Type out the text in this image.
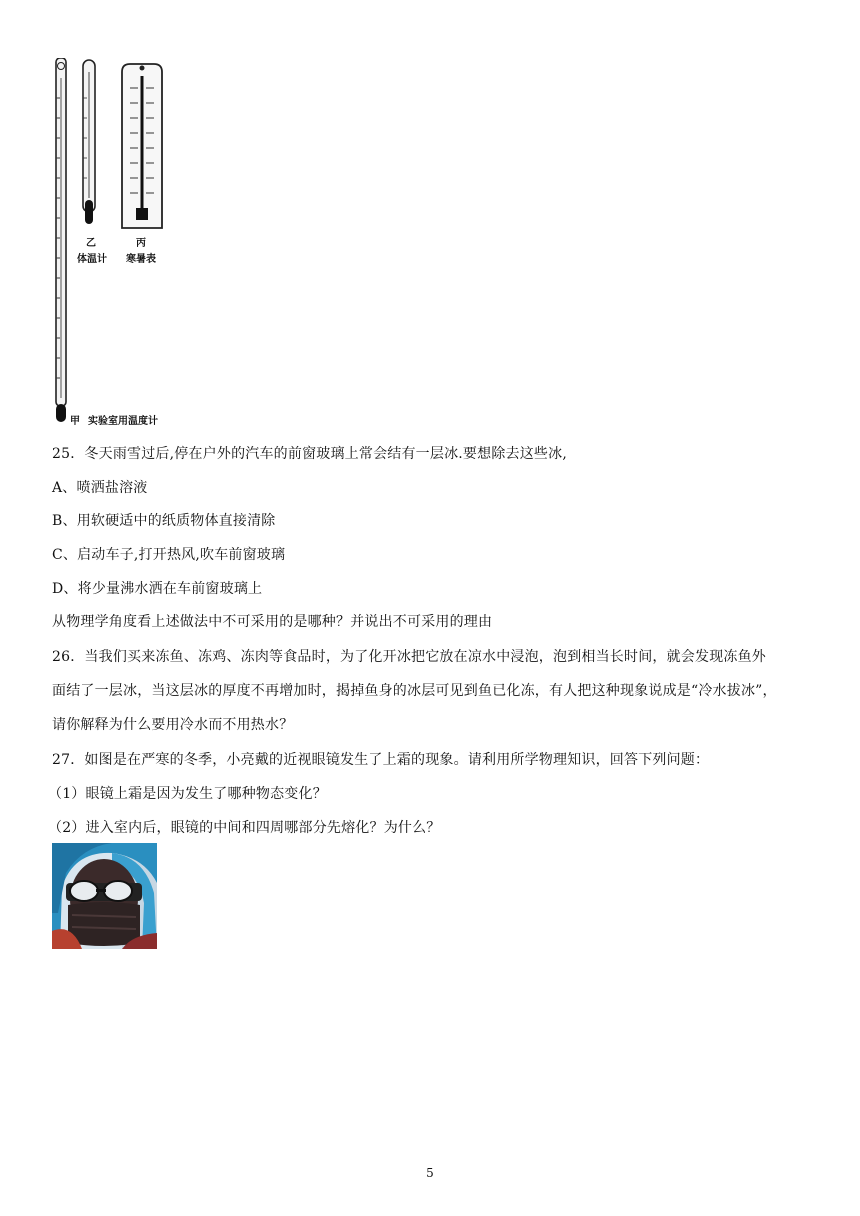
乙
体温计
丙
寒暑表
甲 实验室用温度计
25．冬天雨雪过后,停在户外的汽车的前窗玻璃上常会结有一层冰.要想除去这些冰,
A、喷洒盐溶液
B、用软硬适中的纸质物体直接清除
C、启动车子,打开热风,吹车前窗玻璃
D、将少量沸水洒在车前窗玻璃上
从物理学角度看上述做法中不可采用的是哪种？并说出不可采用的理由
26．当我们买来冻鱼、冻鸡、冻肉等食品时，为了化开冰把它放在凉水中浸泡，泡到相当长时间，就会发现冻鱼外
面结了一层冰，当这层冰的厚度不再增加时，揭掉鱼身的冰层可见到鱼已化冻，有人把这种现象说成是“冷水拔冰”，
请你解释为什么要用冷水而不用热水？
27．如图是在严寒的冬季，小亮戴的近视眼镜发生了上霜的现象。请利用所学物理知识，回答下列问题：
（1）眼镜上霜是因为发生了哪种物态变化？
（2）进入室内后，眼镜的中间和四周哪部分先熔化？为什么？
5
